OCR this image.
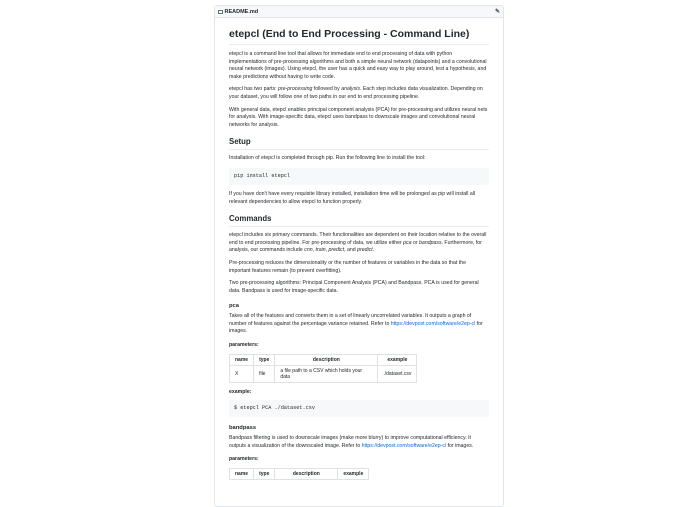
README.md	✎
etepcl (End to End Processing - Command Line)

etepcl is a command line tool that allows for immediate end to end processing of data with python implementations of pre-processing algorithms and both a simple neural network (datapoints) and a convolutional neural network (images). Using etepcl, the user has a quick and easy way to play around, test a hypothesis, and make predictions without having to write code.

etepcl has two parts: pre-processing followed by analysis. Each step includes data visualization. Depending on your dataset, you will follow one of two paths in our end to end processing pipeline.

With general data, etepcl enables principal component analysis (PCA) for pre-processing and utilizes neural nets for analysis. With image-specific data, etepcl uses bandpass to downscale images and convolutional neural networks for analysis.

Setup

Installation of etepcl is completed through pip. Run the following line to install the tool:

pip install etepcl

If you have don't have every requisite library installed, installation time will be prolonged as pip will install all relevant dependencies to allow etepcl to function properly.

Commands

etepcl includes six primary commands. Their functionalities are dependent on their location relative to the overall end to end processing pipeline. For pre-processing of data, we utilize either pca or bandpass. Furthermore, for analysis, our commands include cnn, train, predict, and predict.

Pre-processing reduces the dimensionality or the number of features or variables in the data so that the important features remain (to prevent overfitting).

Two pre-processing algorithms: Principal Component Analysis (PCA) and Bandpass. PCA is used for general data. Bandpass is used for image-specific data.

pca

Takes all of the features and converts them in a set of linearly uncorrelated variables. It outputs a graph of number of features against the percentage variance retained. Refer to https://devpost.com/software/e2ep-cl for images.

parameters:

name	type	description	example
X	file	a file path to a CSV which holds your data	./dataset.csv

example:

$ etepcl PCA ./dataset.csv
bandpass

Bandpass filtering is used to downscale images (make more blurry) to improve computational efficiency. It outputs a visualization of the downscaled image. Refer to https://devpost.com/software/e2ep-cl for images.

parameters:

name	type	description	example
